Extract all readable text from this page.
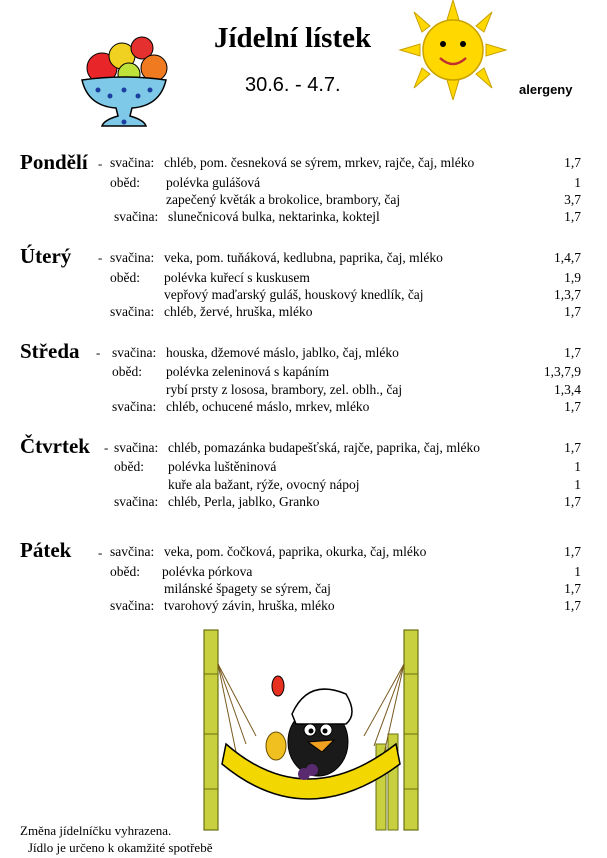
Jídelní lístek
30.6. - 4.7.	alergeny
Pondělí - svačina: chléb, pom. česneková se sýrem, mrkev, rajče, čaj, mléko	1,7
oběd: polévka gulášová	1
zapečený květák a brokolice, brambory, čaj	3,7
svačina: slunečnicová bulka, nektarinka, koktejl	1,7
Úterý - svačina: veka, pom. tuňáková, kedlubna, paprika, čaj, mléko	1,4,7
oběd: polévka kuřecí s kuskusem	1,9
vepřový maďarský guláš, houskový knedlík, čaj	1,3,7
svačina: chléb, žervé, hruška, mléko	1,7
Středa - svačina: houska, džemové máslo, jablko, čaj, mléko	1,7
oběd: polévka zeleninová s kapáním	1,3,7,9
rybí prsty z lososa, brambory, zel. oblh., čaj	1,3,4
svačina: chléb, ochucené máslo, mrkev, mléko	1,7
Čtvrtek - svačina: chléb, pomazánka budapešťská, rajče, paprika, čaj, mléko	1,7
oběd: polévka luštěninová	1
kuře ala bažant, rýže, ovocný nápoj	1
svačina: chléb, Perla, jablko, Granko	1,7
Pátek - savčina: veka, pom. čočková, paprika, okurka, čaj, mléko	1,7
oběd: polévka pórkova	1
milánské špagety se sýrem, čaj	1,7
svačina: tvarohový závin, hruška, mléko	1,7
Změna jídelníčku vyhrazena.
Jídlo je určeno k okamžité spotřebě
